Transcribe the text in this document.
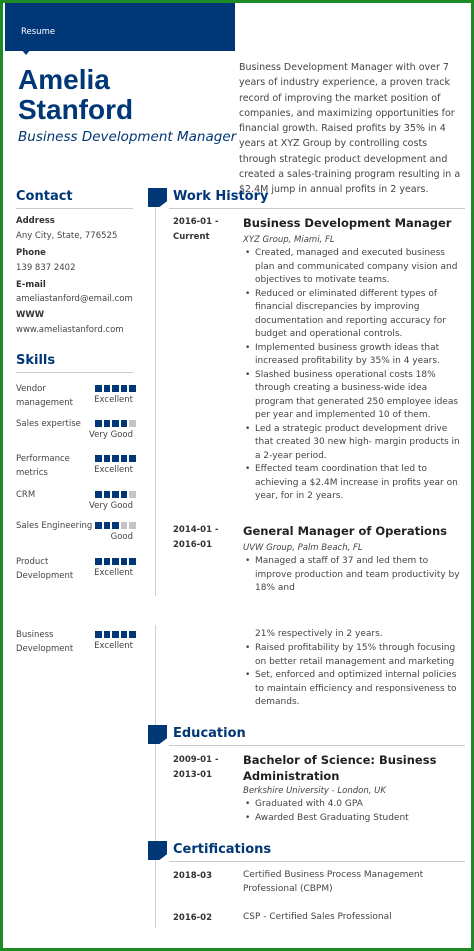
Resume
Amelia
Stanford
Business Development Manager
Business Development Manager with over 7 years of industry experience, a proven track record of improving the market position of companies, and maximizing opportunities for financial growth. Raised profits by 35% in 4 years at XYZ Group by controlling costs through strategic product development and created a sales-training program resulting in a $2.4M jump in annual profits in 2 years.
Contact
Address
Any City, State, 776525
Phone
139 837 2402
E-mail
ameliastanford@email.com
WWW
www.ameliastanford.com
Skills
Work History
2016-01 -
Current
Business Development Manager
XYZ Group, Miami, FL
• Created, managed and executed business plan and communicated company vision and objectives to motivate teams.
• Reduced or eliminated different types of financial discrepancies by improving documentation and reporting accuracy for budget and operational controls.
• Implemented business growth ideas that increased profitability by 35% in 4 years.
• Slashed business operational costs 18% through creating a business-wide idea program that generated 250 employee ideas per year and implemented 10 of them.
• Led a strategic product development drive that created 30 new high- margin products in a 2-year period.
• Effected team coordination that led to achieving a $2.4M increase in profits year on year, for in 2 years.
2014-01 -
2016-01
General Manager of Operations
UVW Group, Palm Beach, FL
• Managed a staff of 37 and led them to improve production and team productivity by 18% and
21% respectively in 2 years.
• Raised profitability by 15% through focusing on better retail management and marketing
• Set, enforced and optimized internal policies to maintain efficiency and responsiveness to demands.
Education
2009-01 -
2013-01
Bachelor of Science: Business Administration
Berkshire University - London, UK
• Graduated with 4.0 GPA
• Awarded Best Graduating Student
Certifications
2018-03	Certified Business Process Management Professional (CBPM)
2016-02	CSP - Certified Sales Professional
Vendor management	Excellent
Sales expertise
Very Good
Performance metrics	Excellent
CRM
Very Good
Sales Engineering
Good
Product Development	Excellent
Business Development	Excellent
